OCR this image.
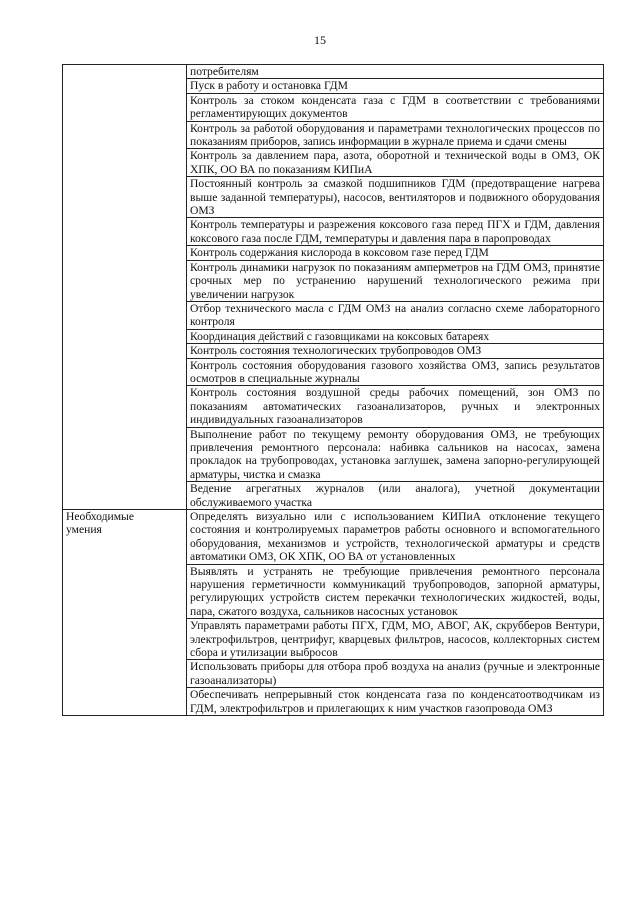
15
	потребителям
	Пуск в работу и остановка ГДМ
	Контроль за стоком конденсата газа с ГДМ в соответствии с требованиями регламентирующих документов
	Контроль за работой оборудования и параметрами технологических процессов по показаниям приборов, запись информации в журнале приема и сдачи смены
	Контроль за давлением пара, азота, оборотной и технической воды в ОМЗ, ОК ХПК, ОО ВА по показаниям КИПиА
	Постоянный контроль за смазкой подшипников ГДМ (предотвращение нагрева выше заданной температуры), насосов, вентиляторов и подвижного оборудования ОМЗ
	Контроль температуры и разрежения коксового газа перед ПГХ и ГДМ, давления коксового газа после ГДМ, температуры и давления пара в паропроводах
	Контроль содержания кислорода в коксовом газе перед ГДМ
	Контроль динамики нагрузок по показаниям амперметров на ГДМ ОМЗ, принятие срочных мер по устранению нарушений технологического режима при увеличении нагрузок
	Отбор технического масла с ГДМ ОМЗ на анализ согласно схеме лабораторного контроля
	Координация действий с газовщиками на коксовых батареях
	Контроль состояния технологических трубопроводов ОМЗ
	Контроль состояния оборудования газового хозяйства ОМЗ, запись результатов осмотров в специальные журналы
	Контроль состояния воздушной среды рабочих помещений, зон ОМЗ по показаниям автоматических газоанализаторов, ручных и электронных индивидуальных газоанализаторов
	Выполнение работ по текущему ремонту оборудования ОМЗ, не требующих привлечения ремонтного персонала: набивка сальников на насосах, замена прокладок на трубопроводах, установка заглушек, замена запорно-регулирующей арматуры, чистка и смазка
	Ведение агрегатных журналов (или аналога), учетной документации обслуживаемого участка

Необходимые
умения	Определять визуально или с использованием КИПиА отклонение текущего состояния и контролируемых параметров работы основного и вспомогательного оборудования, механизмов и устройств, технологической арматуры и средств автоматики ОМЗ, ОК ХПК, ОО ВА от установленных
	Выявлять и устранять не требующие привлечения ремонтного персонала нарушения герметичности коммуникаций трубопроводов, запорной арматуры, регулирующих устройств систем перекачки технологических жидкостей, воды, пара, сжатого воздуха, сальников насосных установок
	Управлять параметрами работы ПГХ, ГДМ, МО, АВОГ, АК, скрубберов Вентури, электрофильтров, центрифуг, кварцевых фильтров, насосов, коллекторных систем сбора и утилизации выбросов
	Использовать приборы для отбора проб воздуха на анализ (ручные и электронные газоанализаторы)
	Обеспечивать непрерывный сток конденсата газа по конденсатоотводчикам из ГДМ, электрофильтров и прилегающих к ним участков газопровода ОМЗ
